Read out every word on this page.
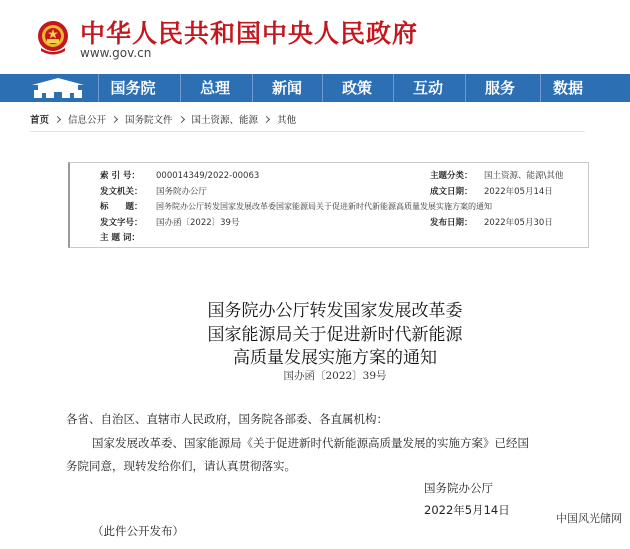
中华人民共和国中央人民政府
www.gov.cn
国务院	总理	新闻	政策	互动	服务	数据
首页 信息公开 国务院文件 国土资源、能源 其他
索 引 号： 000014349/2022-00063	主题分类： 国土资源、能源\其他
发文机关： 国务院办公厅	成文日期： 2022年05月14日
标　　题： 国务院办公厅转发国家发展改革委国家能源局关于促进新时代新能源高质量发展实施方案的通知
发文字号： 国办函〔2022〕39号	发布日期： 2022年05月30日
主 题 词：
国务院办公厅转发国家发展改革委
国家能源局关于促进新时代新能源
高质量发展实施方案的通知
国办函〔2022〕39号
各省、自治区、直辖市人民政府，国务院各部委、各直属机构：
国家发展改革委、国家能源局《关于促进新时代新能源高质量发展的实施方案》已经国
务院同意，现转发给你们，请认真贯彻落实。
国务院办公厅
2022年5月14日
（此件公开发布）
中国风光储网
